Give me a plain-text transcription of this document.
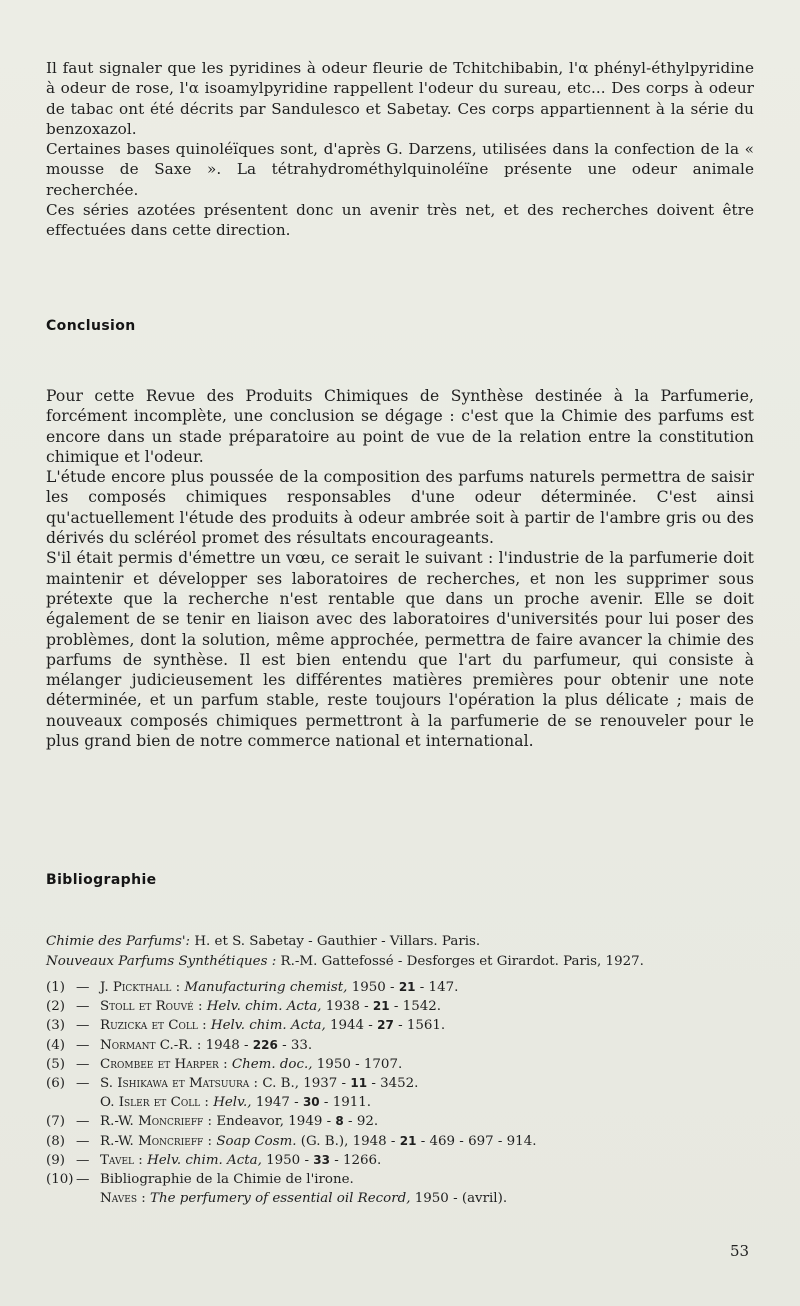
Il faut signaler que les pyridines à odeur fleurie de Tchitchibabin, l'α phényl-éthylpyridine à odeur de rose, l'α isoamylpyridine rappellent l'odeur du sureau, etc... Des corps à odeur de tabac ont été décrits par Sandulesco et Sabetay. Ces corps appartiennent à la série du benzoxazol.

Certaines bases quinoléïques sont, d'après G. Darzens, utilisées dans la confection de la « mousse de Saxe ». La tétrahydrométhylquinoléïne présente une odeur animale recherchée.

Ces séries azotées présentent donc un avenir très net, et des recherches doivent être effectuées dans cette direction.

Conclusion

Pour cette Revue des Produits Chimiques de Synthèse destinée à la Parfumerie, forcément incomplète, une conclusion se dégage : c'est que la Chimie des parfums est encore dans un stade préparatoire au point de vue de la relation entre la constitution chimique et l'odeur.

L'étude encore plus poussée de la composition des parfums naturels permettra de saisir les composés chimiques responsables d'une odeur déterminée. C'est ainsi qu'actuellement l'étude des produits à odeur ambrée soit à partir de l'ambre gris ou des dérivés du scléréol promet des résultats encourageants.

S'il était permis d'émettre un vœu, ce serait le suivant : l'industrie de la parfumerie doit maintenir et développer ses laboratoires de recherches, et non les supprimer sous prétexte que la recherche n'est rentable que dans un proche avenir. Elle se doit également de se tenir en liaison avec des laboratoires d'universités pour lui poser des problèmes, dont la solution, même approchée, permettra de faire avancer la chimie des parfums de synthèse. Il est bien entendu que l'art du parfumeur, qui consiste à mélanger judicieusement les différentes matières premières pour obtenir une note déterminée, et un parfum stable, reste toujours l'opération la plus délicate ; mais de nouveaux composés chimiques permettront à la parfumerie de se renouveler pour le plus grand bien de notre commerce national et international.

Bibliographie

Chimie des Parfums': H. et S. Sabetay - Gauthier - Villars. Paris.

Nouveaux Parfums Synthétiques : R.-M. Gattefossé - Desforges et Girardot. Paris, 1927.

(1) — J. Pickthall : Manufacturing chemist, 1950 - 21 - 147.
(2) — Stoll et Rouvé : Helv. chim. Acta, 1938 - 21 - 1542.
(3) — Ruzicka et Coll : Helv. chim. Acta, 1944 - 27 - 1561.
(4) — Normant C.-R. : 1948 - 226 - 33.
(5) — Crombee et Harper : Chem. doc., 1950 - 1707.
(6) — S. Ishikawa et Matsuura : C. B., 1937 - 11 - 3452.
O. Isler et Coll : Helv., 1947 - 30 - 1911.
(7) — R.-W. Moncrieff : Endeavor, 1949 - 8 - 92.
(8) — R.-W. Moncrieff : Soap Cosm. (G. B.), 1948 - 21 - 469 - 697 - 914.
(9) — Tavel : Helv. chim. Acta, 1950 - 33 - 1266.
(10) — Bibliographie de la Chimie de l'irone.
Naves : The perfumery of essential oil Record, 1950 - (avril).
53
